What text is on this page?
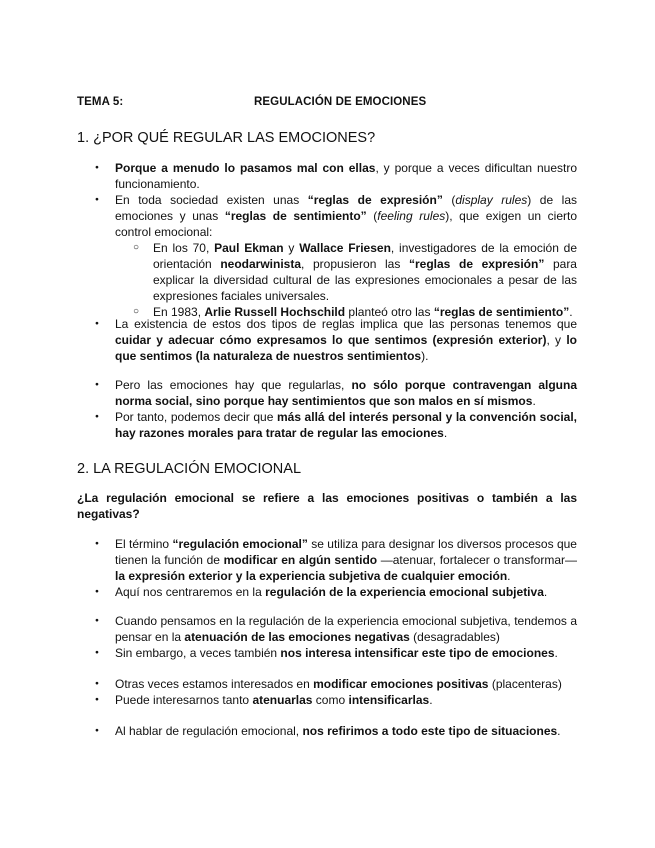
TEMA 5:	REGULACIÓN DE EMOCIONES
1. ¿POR QUÉ REGULAR LAS EMOCIONES?
● Porque a menudo lo pasamos mal con ellas, y porque a veces dificultan nuestro funcionamiento.
● En toda sociedad existen unas “reglas de expresión” (display rules) de las emociones y unas “reglas de sentimiento” (feeling rules), que exigen un cierto control emocional:
○ En los 70, Paul Ekman y Wallace Friesen, investigadores de la emoción de orientación neodarwinista, propusieron las “reglas de expresión” para explicar la diversidad cultural de las expresiones emocionales a pesar de las expresiones faciales universales.
○ En 1983, Arlie Russell Hochschild planteó otro las “reglas de sentimiento”.
● La existencia de estos dos tipos de reglas implica que las personas tenemos que cuidar y adecuar cómo expresamos lo que sentimos (expresión exterior), y lo que sentimos (la naturaleza de nuestros sentimientos).
● Pero las emociones hay que regularlas, no sólo porque contravengan alguna norma social, sino porque hay sentimientos que son malos en sí mismos.
● Por tanto, podemos decir que más allá del interés personal y la convención social, hay razones morales para tratar de regular las emociones.
2. LA REGULACIÓN EMOCIONAL

¿La regulación emocional se refiere a las emociones positivas o también a las negativas?

● El término “regulación emocional” se utiliza para designar los diversos procesos que tienen la función de modificar en algún sentido —atenuar, fortalecer o transformar— la expresión exterior y la experiencia subjetiva de cualquier emoción.
● Aquí nos centraremos en la regulación de la experiencia emocional subjetiva.
● Cuando pensamos en la regulación de la experiencia emocional subjetiva, tendemos a pensar en la atenuación de las emociones negativas (desagradables)
● Sin embargo, a veces también nos interesa intensificar este tipo de emociones.
● Otras veces estamos interesados en modificar emociones positivas (placenteras)
● Puede interesarnos tanto atenuarlas como intensificarlas.
● Al hablar de regulación emocional, nos refirimos a todo este tipo de situaciones.
